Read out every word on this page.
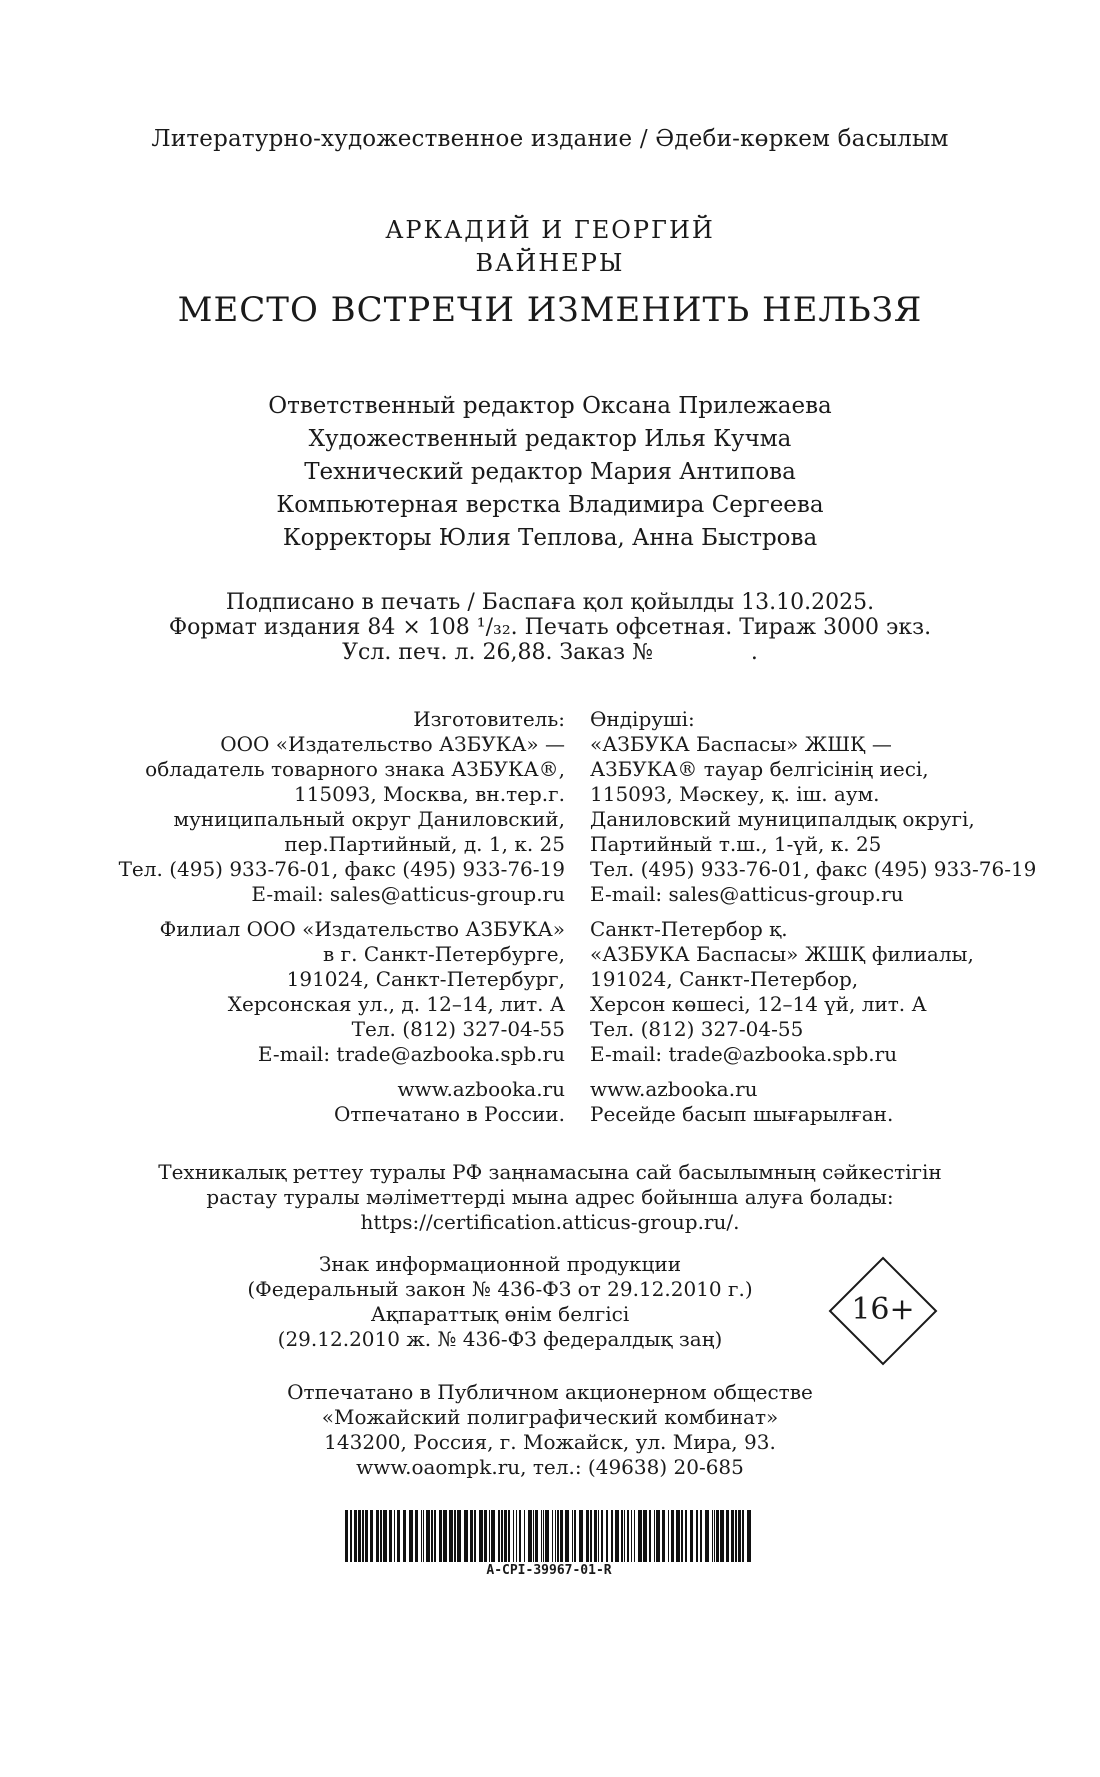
Литературно-художественное издание / Әдеби-көркем басылым
АРКАДИЙ И ГЕОРГИЙ
ВАЙНЕРЫ
МЕСТО ВСТРЕЧИ ИЗМЕНИТЬ НЕЛЬЗЯ
Ответственный редактор Оксана Прилежаева
Художественный редактор Илья Кучма
Технический редактор Мария Антипова
Компьютерная верстка Владимира Сергеева
Корректоры Юлия Теплова, Анна Быстрова
Подписано в печать / Баспаға қол қойылды 13.10.2025.
Формат издания 84 × 108 ¹/₃₂. Печать офсетная. Тираж 3000 экз.
Усл. печ. л. 26,88. Заказ №              .
Изготовитель:
ООО «Издательство АЗБУКА» —
обладатель товарного знака АЗБУКА®,
115093, Москва, вн.тер.г.
муниципальный округ Даниловский,
пер.Партийный, д. 1, к. 25
Тел. (495) 933-76-01, факс (495) 933-76-19
E-mail: sales@atticus-group.ru
Филиал ООО «Издательство АЗБУКА»
в г. Санкт-Петербурге,
191024, Санкт-Петербург,
Херсонская ул., д. 12–14, лит. А
Тел. (812) 327-04-55
E-mail: trade@azbooka.spb.ru
www.azbooka.ru
Отпечатано в России.
Өндіруші:
«АЗБУКА Баспасы» ЖШҚ —
АЗБУКА® тауар белгісінің иесі,
115093, Мәскеу, қ. іш. аум.
Даниловский муниципалдық округі,
Партийный т.ш., 1-үй, к. 25
Тел. (495) 933-76-01, факс (495) 933-76-19
E-mail: sales@atticus-group.ru
Санкт-Петербор қ.
«АЗБУКА Баспасы» ЖШҚ филиалы,
191024, Санкт-Петербор,
Херсон көшесі, 12–14 үй, лит. А
Тел. (812) 327-04-55
E-mail: trade@azbooka.spb.ru
www.azbooka.ru
Ресейде басып шығарылған.
Техникалық реттеу туралы РФ заңнамасына сай басылымның сәйкестігін
растау туралы мәліметтерді мына адрес бойынша алуға болады:
https://certification.atticus-group.ru/.
Знак информационной продукции
(Федеральный закон № 436-ФЗ от 29.12.2010 г.)
Ақпараттық өнім белгісі
(29.12.2010 ж. № 436-ФЗ федералдық заң)
16+
Отпечатано в Публичном акционерном обществе
«Можайский полиграфический комбинат»
143200, Россия, г. Можайск, ул. Мира, 93.
www.oaompk.ru, тел.: (49638) 20-685
A-CPI-39967-01-R
